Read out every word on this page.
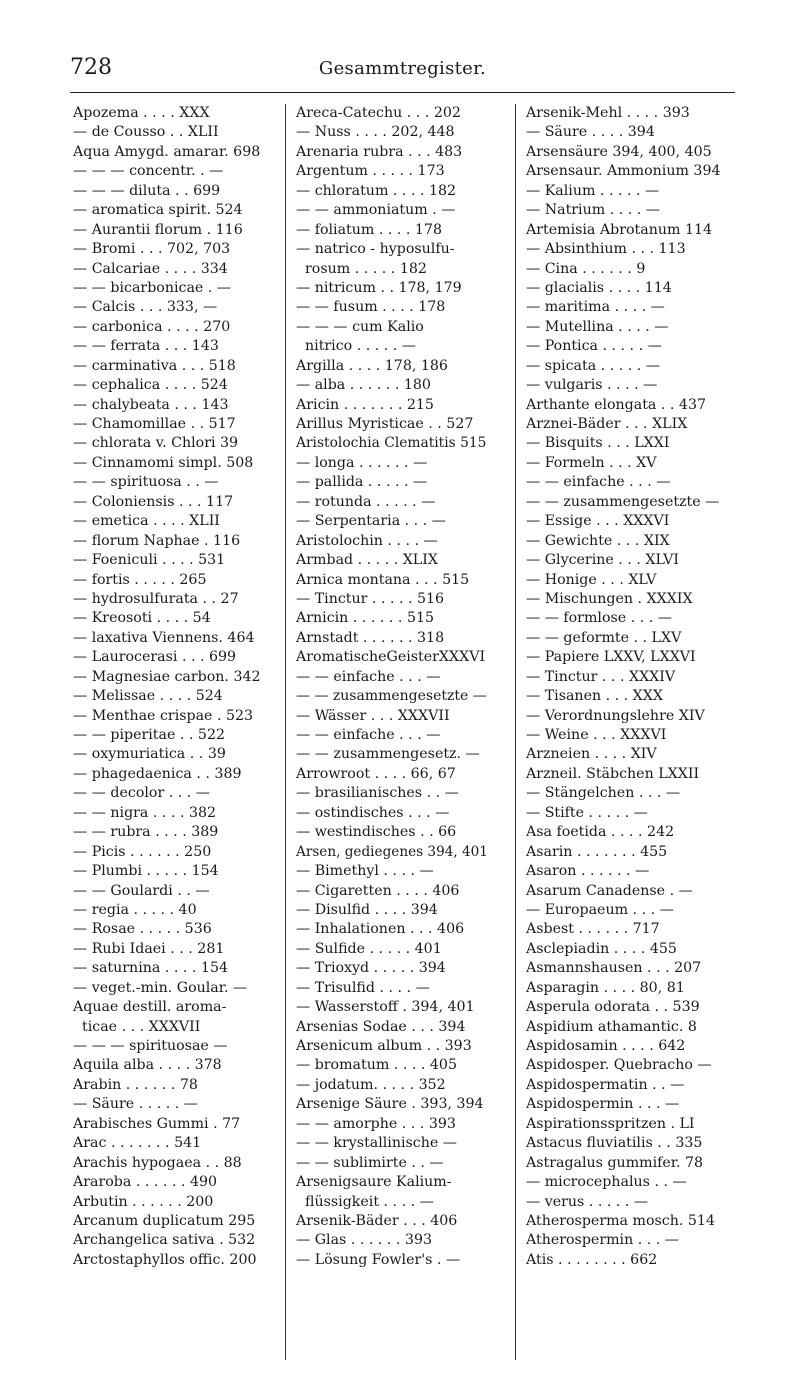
728	Gesammtregister.
Apozema . . . . XXX
— de Cousso . . XLII
Aqua Amygd. amarar. 698
— — — concentr. . —
— — — diluta . . 699
— aromatica spirit. 524
— Aurantii florum . 116
— Bromi . . . 702, 703
— Calcariae . . . . 334
— — bicarbonicae . —
— Calcis . . . 333, —
— carbonica . . . . 270
— — ferrata . . . 143
— carminativa . . . 518
— cephalica . . . . 524
— chalybeata . . . 143
— Chamomillae . . 517
— chlorata v. Chlori 39
— Cinnamomi simpl. 508
— — spirituosa . . —
— Coloniensis . . . 117
— emetica . . . . XLII
— florum Naphae . 116
— Foeniculi . . . . 531
— fortis . . . . . 265
— hydrosulfurata . . 27
— Kreosoti . . . . 54
— laxativa Viennens. 464
— Laurocerasi . . . 699
— Magnesiae carbon. 342
— Melissae . . . . 524
— Menthae crispae . 523
— — piperitae . . 522
— oxymuriatica . . 39
— phagedaenica . . 389
— — decolor . . . —
— — nigra . . . . 382
— — rubra . . . . 389
— Picis . . . . . . 250
— Plumbi . . . . . 154
— — Goulardi . . —
— regia . . . . . 40
— Rosae . . . . . 536
— Rubi Idaei . . . 281
— saturnina . . . . 154
— veget.-min. Goular. —
Aquae destill. aroma-
ticae . . . XXXVII
— — — spirituosae —
Aquila alba . . . . 378
Arabin . . . . . . 78
— Säure . . . . . —
Arabisches Gummi . 77
Arac . . . . . . . 541
Arachis hypogaea . . 88
Araroba . . . . . . 490
Arbutin . . . . . . 200
Arcanum duplicatum 295
Archangelica sativa . 532
Arctostaphyllos offic. 200
Areca-Catechu . . . 202
— Nuss . . . . 202, 448
Arenaria rubra . . . 483
Argentum . . . . . 173
— chloratum . . . . 182
— — ammoniatum . —
— foliatum . . . . 178
— natrico - hyposulfu-
rosum . . . . . 182
— nitricum . . 178, 179
— — fusum . . . . 178
— — — cum Kalio
nitrico . . . . . —
Argilla . . . . 178, 186
— alba . . . . . . 180
Aricin . . . . . . . 215
Arillus Myristicae . . 527
Aristolochia Clematitis 515
— longa . . . . . . —
— pallida . . . . . —
— rotunda . . . . . —
— Serpentaria . . . —
Aristolochin . . . . —
Armbad . . . . . XLIX
Arnica montana . . . 515
— Tinctur . . . . . 516
Arnicin . . . . . . 515
Arnstadt . . . . . . 318
AromatischeGeisterXXXVI
— — einfache . . . —
— — zusammengesetzte —
— Wässer . . . XXXVII
— — einfache . . . —
— — zusammengesetz. —
Arrowroot . . . . 66, 67
— brasilianisches . . —
— ostindisches . . . —
— westindisches . . 66
Arsen, gediegenes 394, 401
— Bimethyl . . . . —
— Cigaretten . . . . 406
— Disulfid . . . . 394
— Inhalationen . . . 406
— Sulfide . . . . . 401
— Trioxyd . . . . . 394
— Trisulfid . . . . —
— Wasserstoff . 394, 401
Arsenias Sodae . . . 394
Arsenicum album . . 393
— bromatum . . . . 405
— jodatum. . . . . 352
Arsenige Säure . 393, 394
— — amorphe . . . 393
— — krystallinische —
— — sublimirte . . —
Arsenigsaure Kalium-
flüssigkeit . . . . —
Arsenik-Bäder . . . 406
— Glas . . . . . . 393
— Lösung Fowler's . —
Arsenik-Mehl . . . . 393
— Säure . . . . 394
Arsensäure 394, 400, 405
Arsensaur. Ammonium 394
— Kalium . . . . . —
— Natrium . . . . —
Artemisia Abrotanum 114
— Absinthium . . . 113
— Cina . . . . . . 9
— glacialis . . . . 114
— maritima . . . . —
— Mutellina . . . . —
— Pontica . . . . . —
— spicata . . . . . —
— vulgaris . . . . —
Arthante elongata . . 437
Arznei-Bäder . . . XLIX
— Bisquits . . . LXXI
— Formeln . . . XV
— — einfache . . . —
— — zusammengesetzte —
— Essige . . . XXXVI
— Gewichte . . . XIX
— Glycerine . . . XLVI
— Honige . . . XLV
— Mischungen . XXXIX
— — formlose . . . —
— — geformte . . LXV
— Papiere LXXV, LXXVI
— Tinctur . . . XXXIV
— Tisanen . . . XXX
— Verordnungslehre XIV
— Weine . . . XXXVI
Arzneien . . . . XIV
Arzneil. Stäbchen LXXII
— Stängelchen . . . —
— Stifte . . . . . —
Asa foetida . . . . 242
Asarin . . . . . . . 455
Asaron . . . . . . —
Asarum Canadense . —
— Europaeum . . . —
Asbest . . . . . . 717
Asclepiadin . . . . 455
Asmannshausen . . . 207
Asparagin . . . . 80, 81
Asperula odorata . . 539
Aspidium athamantic. 8
Aspidosamin . . . . 642
Aspidosper. Quebracho —
Aspidospermatin . . —
Aspidospermin . . . —
Aspirationsspritzen . LI
Astacus fluviatilis . . 335
Astragalus gummifer. 78
— microcephalus . . —
— verus . . . . . —
Atherosperma mosch. 514
Atherospermin . . . —
Atis . . . . . . . . 662
